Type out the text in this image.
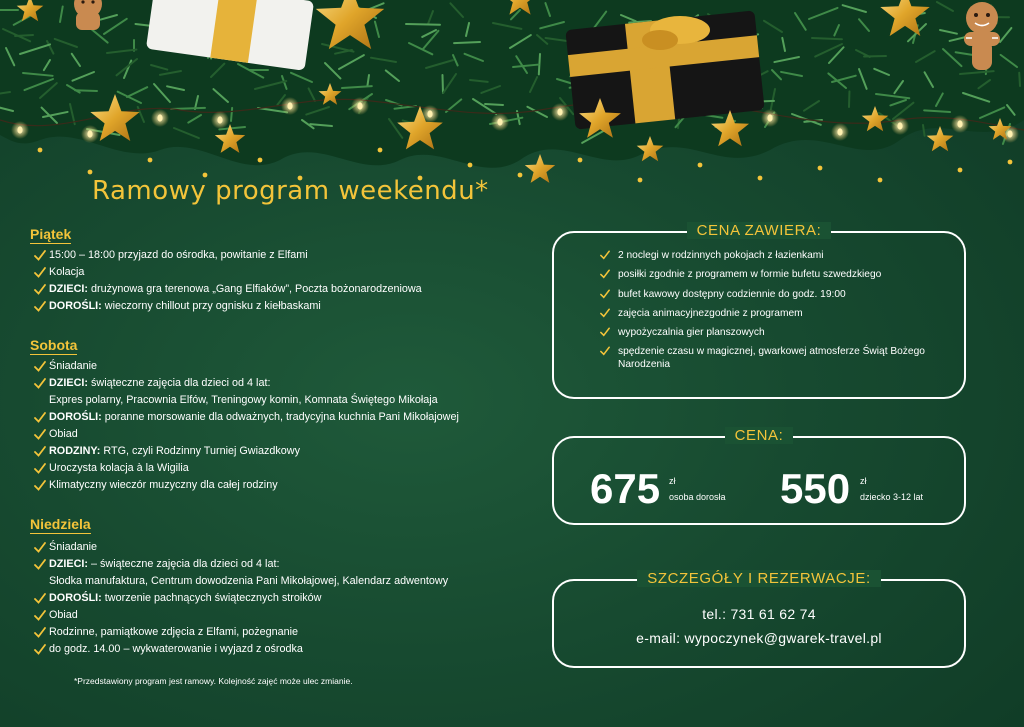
Ramowy program weekendu*
Piątek
15:00 – 18:00 przyjazd do ośrodka, powitanie z Elfami
Kolacja
DZIECI: drużynowa gra terenowa „Gang Elfiaków”, Poczta bożonarodzeniowa
DOROŚLI: wieczorny chillout przy ognisku z kiełbaskami
Sobota
Śniadanie
DZIECI: świąteczne zajęcia dla dzieci od 4 lat:
Expres polarny, Pracownia Elfów, Treningowy komin, Komnata Świętego Mikołaja
DOROŚLI: poranne morsowanie dla odważnych, tradycyjna kuchnia Pani Mikołajowej
Obiad
RODZINY: RTG, czyli Rodzinny Turniej Gwiazdkowy
Uroczysta kolacja à la Wigilia
Klimatyczny wieczór muzyczny dla całej rodziny
Niedziela
Śniadanie
DZIECI: – świąteczne zajęcia dla dzieci od 4 lat:
Słodka manufaktura, Centrum dowodzenia Pani Mikołajowej, Kalendarz adwentowy
DOROŚLI: tworzenie pachnących świątecznych stroików
Obiad
Rodzinne, pamiątkowe zdjęcia z Elfami, pożegnanie
do godz. 14.00 – wykwaterowanie i wyjazd z ośrodka
*Przedstawiony program jest ramowy. Kolejność zajęć może ulec zmianie.
CENA ZAWIERA:
2 noclegi w rodzinnych pokojach z łazienkami
posiłki zgodnie z programem w formie bufetu szwedzkiego
bufet kawowy dostępny codziennie do godz. 19:00
zajęcia animacyjnezgodnie z programem
wypożyczalnia gier planszowych
spędzenie czasu w magicznej, gwarkowej atmosferze Świąt Bożego Narodzenia
CENA:
675 zł
osoba dorosła 550 zł
dziecko 3-12 lat
SZCZEGÓŁY I REZERWACJE:
tel.: 731 61 62 74
e-mail: wypoczynek@gwarek-travel.pl
